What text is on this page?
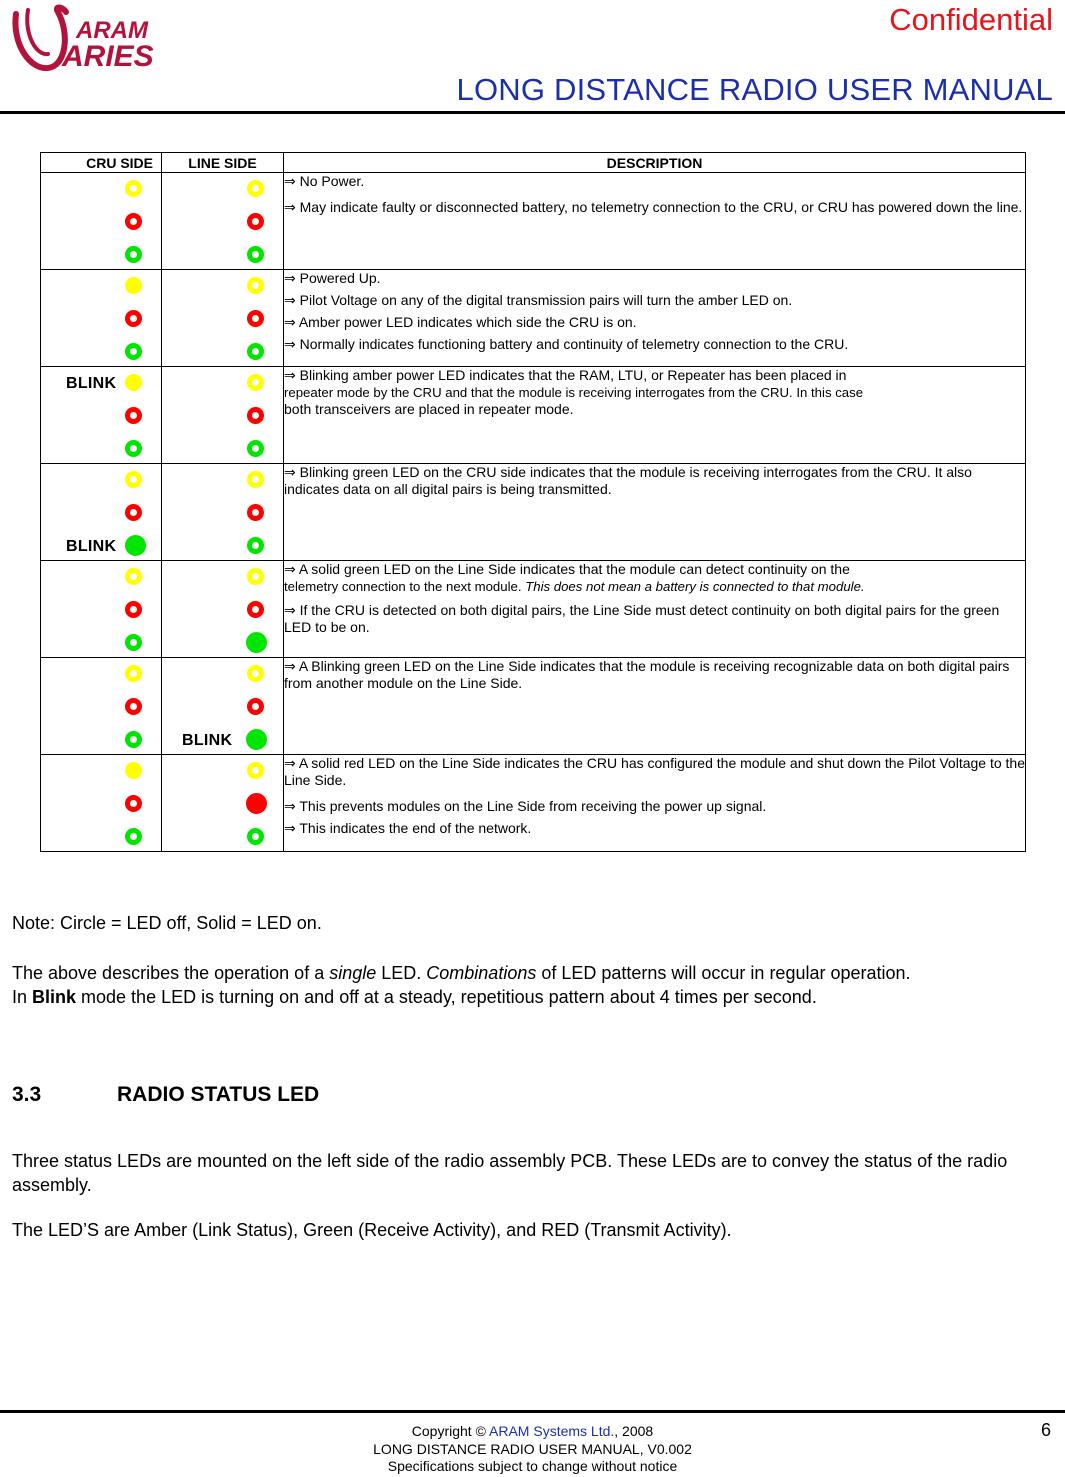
ARAM
ARIES
Confidential
LONG DISTANCE RADIO USER MANUAL
CRU SIDE	LINE SIDE	DESCRIPTION

		⇒ No Power.

⇒ May indicate faulty or disconnected battery, no telemetry connection to the CRU, or CRU has powered down the line.

		⇒ Powered Up.

⇒ Pilot Voltage on any of the digital transmission pairs will turn the amber LED on.

⇒ Amber power LED indicates which side the CRU is on.

⇒ Normally indicates functioning battery and continuity of telemetry connection to the CRU.

BLINK		⇒ Blinking amber power LED indicates that the RAM, LTU, or Repeater has been placed in

repeater mode by the CRU and that the module is receiving interrogates from the CRU. In this case

both transceivers are placed in repeater mode.

BLINK		⇒ Blinking green LED on the CRU side indicates that the module is receiving interrogates from the CRU. It also indicates data on all digital pairs is being transmitted.

		⇒ A solid green LED on the Line Side indicates that the module can detect continuity on the

telemetry connection to the next module. This does not mean a battery is connected to that module.

⇒ If the CRU is detected on both digital pairs, the Line Side must detect continuity on both digital pairs for the green LED to be on.

	BLINK	⇒ A Blinking green LED on the Line Side indicates that the module is receiving recognizable data on both digital pairs from another module on the Line Side.

		⇒ A solid red LED on the Line Side indicates the CRU has configured the module and shut down the Pilot Voltage to the Line Side.

⇒ This prevents modules on the Line Side from receiving the power up signal.

⇒ This indicates the end of the network.

Note: Circle = LED off, Solid = LED on.
The above describes the operation of a single LED. Combinations of LED patterns will occur in regular operation.
In Blink mode the LED is turning on and off at a steady, repetitious pattern about 4 times per second.
3.3	RADIO STATUS LED
Three status LEDs are mounted on the left side of the radio assembly PCB. These LEDs are to convey the status of the radio assembly.
The LED’S are Amber (Link Status), Green (Receive Activity), and RED (Transmit Activity).
Copyright © ARAM Systems Ltd., 2008
LONG DISTANCE RADIO USER MANUAL, V0.002
Specifications subject to change without notice
6
